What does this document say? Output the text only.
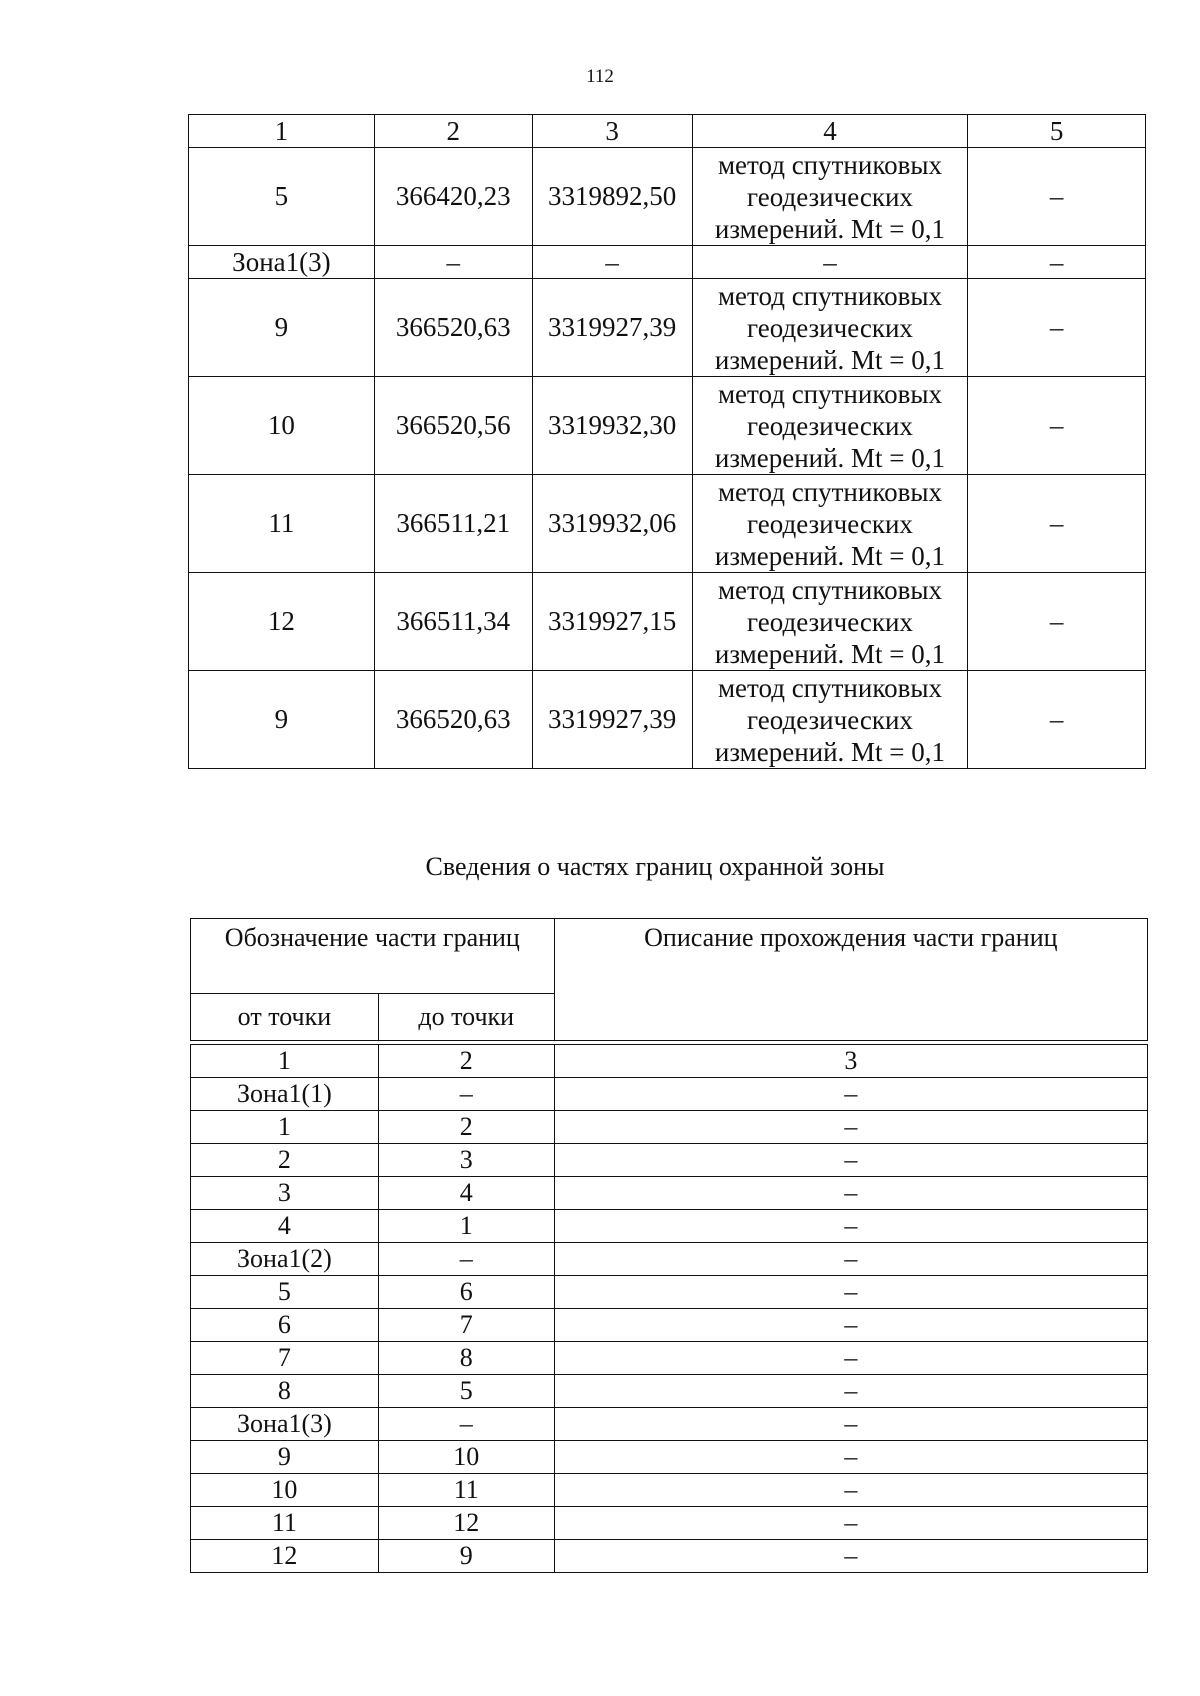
112
1	2	3	4	5
5	366420,23	3319892,50	метод спутниковых
геодезических
измерений. Mt = 0,1	–
Зона1(3)	–	–	–	–
9	366520,63	3319927,39	метод спутниковых
геодезических
измерений. Mt = 0,1	–
10	366520,56	3319932,30	метод спутниковых
геодезических
измерений. Mt = 0,1	–
11	366511,21	3319932,06	метод спутниковых
геодезических
измерений. Mt = 0,1	–
12	366511,34	3319927,15	метод спутниковых
геодезических
измерений. Mt = 0,1	–
9	366520,63	3319927,39	метод спутниковых
геодезических
измерений. Mt = 0,1	–
Сведения о частях границ охранной зоны
Обозначение части границ		Описание прохождения части границ
от точки	до точки	

1	2	3
Зона1(1)	–	–
1	2	–
2	3	–
3	4	–
4	1	–
Зона1(2)	–	–
5	6	–
6	7	–
7	8	–
8	5	–
Зона1(3)	–	–
9	10	–
10	11	–
11	12	–
12	9	–
